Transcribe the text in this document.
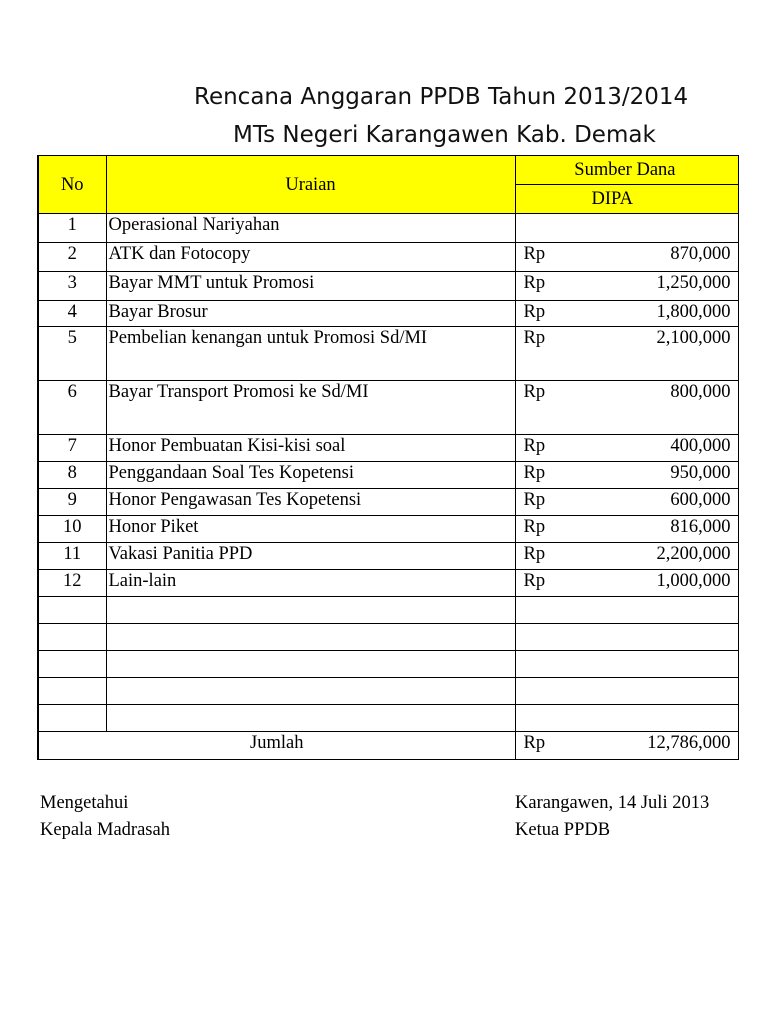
Rencana Anggaran PPDB Tahun 2013/2014
MTs Negeri Karangawen Kab. Demak
No	Uraian	Sumber Dana
		DIPA
1	Operasional Nariyahan	
2	ATK dan Fotocopy	Rp 870,000

3	Bayar MMT untuk Promosi	Rp 1,250,000

4	Bayar Brosur	Rp 1,800,000

5	Pembelian kenangan untuk Promosi Sd/MI	Rp 2,100,000

6	Bayar Transport Promosi ke Sd/MI	Rp 800,000

7	Honor Pembuatan Kisi-kisi soal	Rp 400,000

8	Penggandaan Soal Tes Kopetensi	Rp 950,000

9	Honor Pengawasan Tes Kopetensi	Rp 600,000

10	Honor Piket	Rp 816,000

11	Vakasi Panitia PPD	Rp 2,200,000

12	Lain-lain	Rp 1,000,000

Jumlah		Rp 12,786,000
Mengetahui
Kepala Madrasah
Karangawen, 14 Juli 2013
Ketua PPDB
